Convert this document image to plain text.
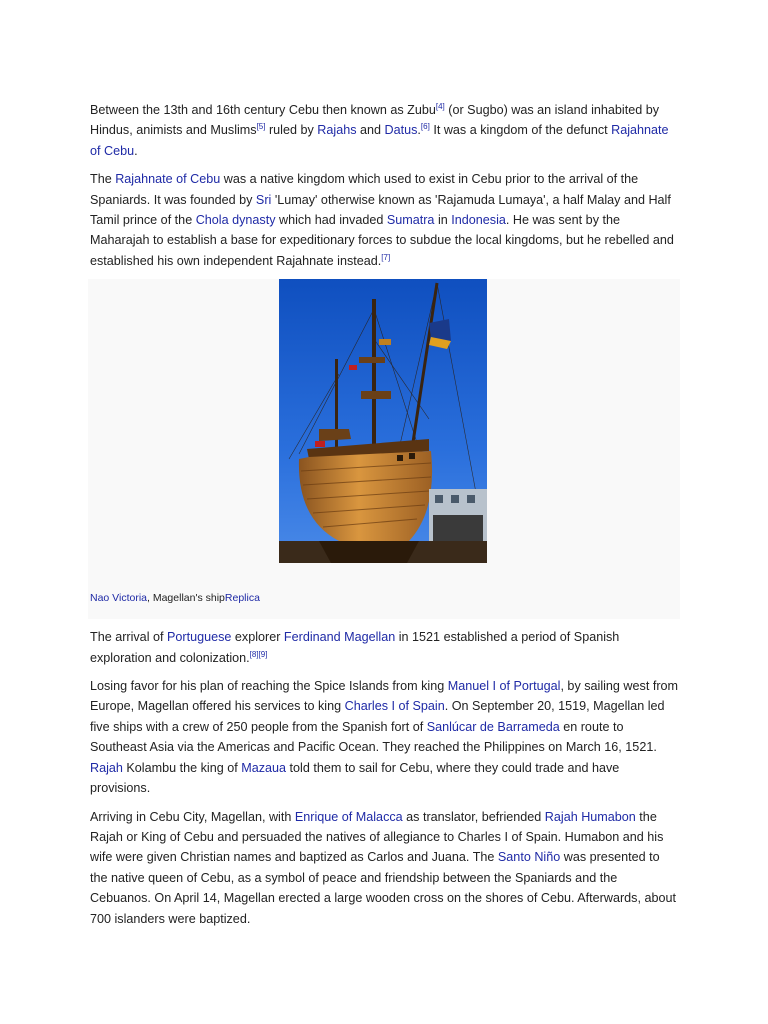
Between the 13th and 16th century Cebu then known as Zubu[4] (or Sugbo) was an island inhabited by Hindus, animists and Muslims[5] ruled by Rajahs and Datus.[6] It was a kingdom of the defunct Rajahnate of Cebu.

The Rajahnate of Cebu was a native kingdom which used to exist in Cebu prior to the arrival of the Spaniards. It was founded by Sri 'Lumay' otherwise known as 'Rajamuda Lumaya', a half Malay and Half Tamil prince of the Chola dynasty which had invaded Sumatra in Indonesia. He was sent by the Maharajah to establish a base for expeditionary forces to subdue the local kingdoms, but he rebelled and established his own independent Rajahnate instead.[7]

Nao Victoria, Magellan's shipReplica

The arrival of Portuguese explorer Ferdinand Magellan in 1521 established a period of Spanish exploration and colonization.[8][9]

Losing favor for his plan of reaching the Spice Islands from king Manuel I of Portugal, by sailing west from Europe, Magellan offered his services to king Charles I of Spain. On September 20, 1519, Magellan led five ships with a crew of 250 people from the Spanish fort of Sanlúcar de Barrameda en route to Southeast Asia via the Americas and Pacific Ocean. They reached the Philippines on March 16, 1521. Rajah Kolambu the king of Mazaua told them to sail for Cebu, where they could trade and have provisions.

Arriving in Cebu City, Magellan, with Enrique of Malacca as translator, befriended Rajah Humabon the Rajah or King of Cebu and persuaded the natives of allegiance to Charles I of Spain. Humabon and his wife were given Christian names and baptized as Carlos and Juana. The Santo Niño was presented to the native queen of Cebu, as a symbol of peace and friendship between the Spaniards and the Cebuanos. On April 14, Magellan erected a large wooden cross on the shores of Cebu. Afterwards, about 700 islanders were baptized.
